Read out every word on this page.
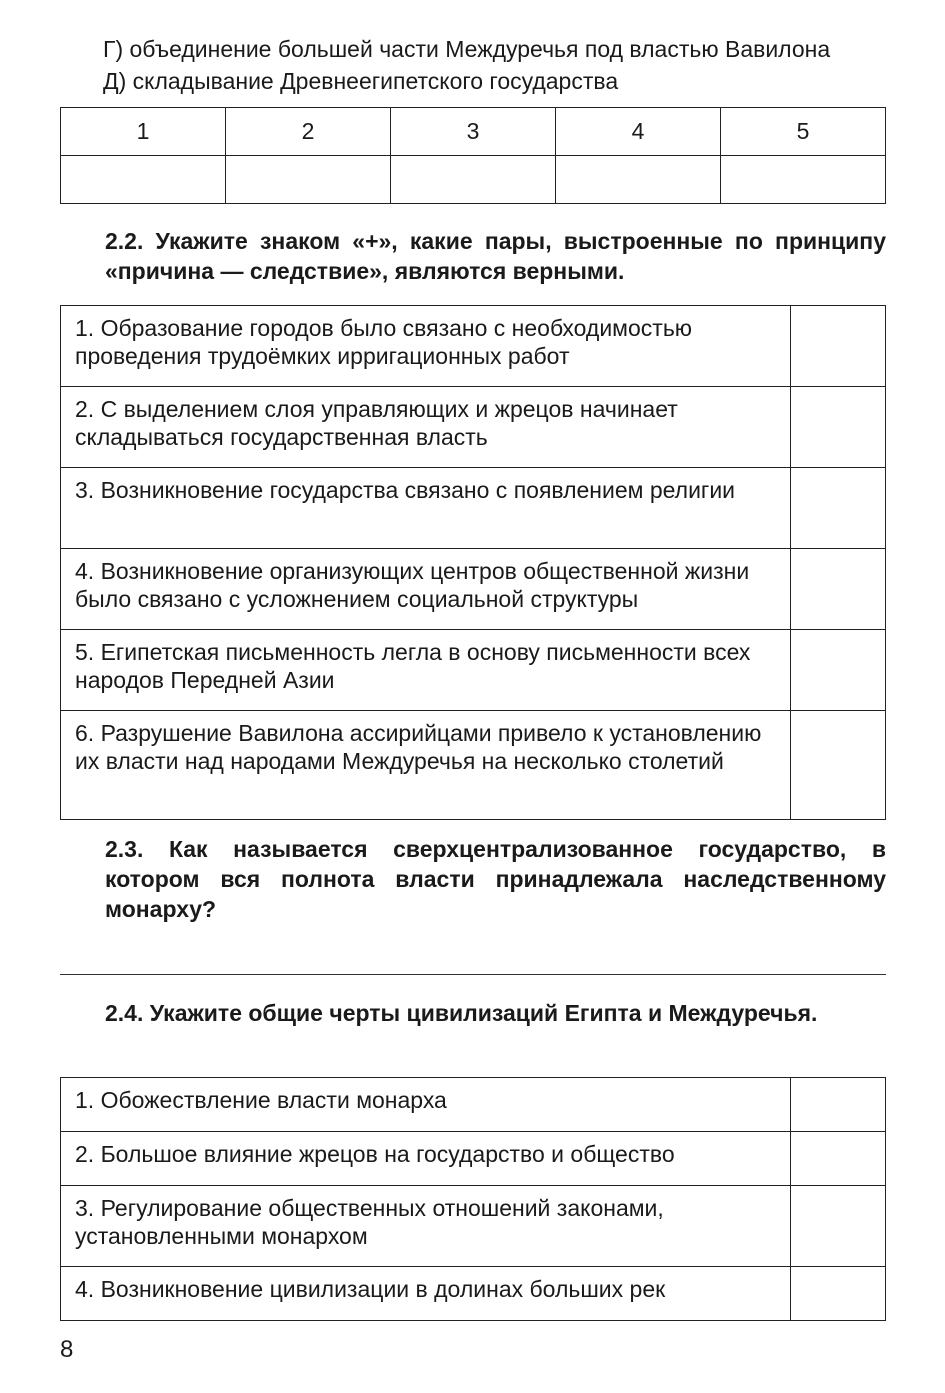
Г) объединение большей части Междуречья под властью Вавилона
Д) складывание Древнеегипетского государства
1	2	3	4	5

2.2. Укажите знаком «+», какие пары, выстроенные по принципу «причина — следствие», являются верными.
1. Образование городов было связано с необходимостью проведения трудоёмких ирригационных работ	
2. С выделением слоя управляющих и жрецов начинает складываться государственная власть	
3. Возникновение государства связано с появлением религии	
4. Возникновение организующих центров общественной жизни было связано с усложнением социальной структуры	
5. Египетская письменность легла в основу письменности всех народов Передней Азии	
6. Разрушение Вавилона ассирийцами привело к установлению их власти над народами Междуречья на несколько столетий	
2.3. Как называется сверхцентрализованное государство, в котором вся полнота власти принадлежала наследственному монарху?
2.4. Укажите общие черты цивилизаций Египта и Междуречья.
1. Обожествление власти монарха	
2. Большое влияние жрецов на государство и общество	
3. Регулирование общественных отношений законами, установленными монархом	
4. Возникновение цивилизации в долинах больших рек	
8
